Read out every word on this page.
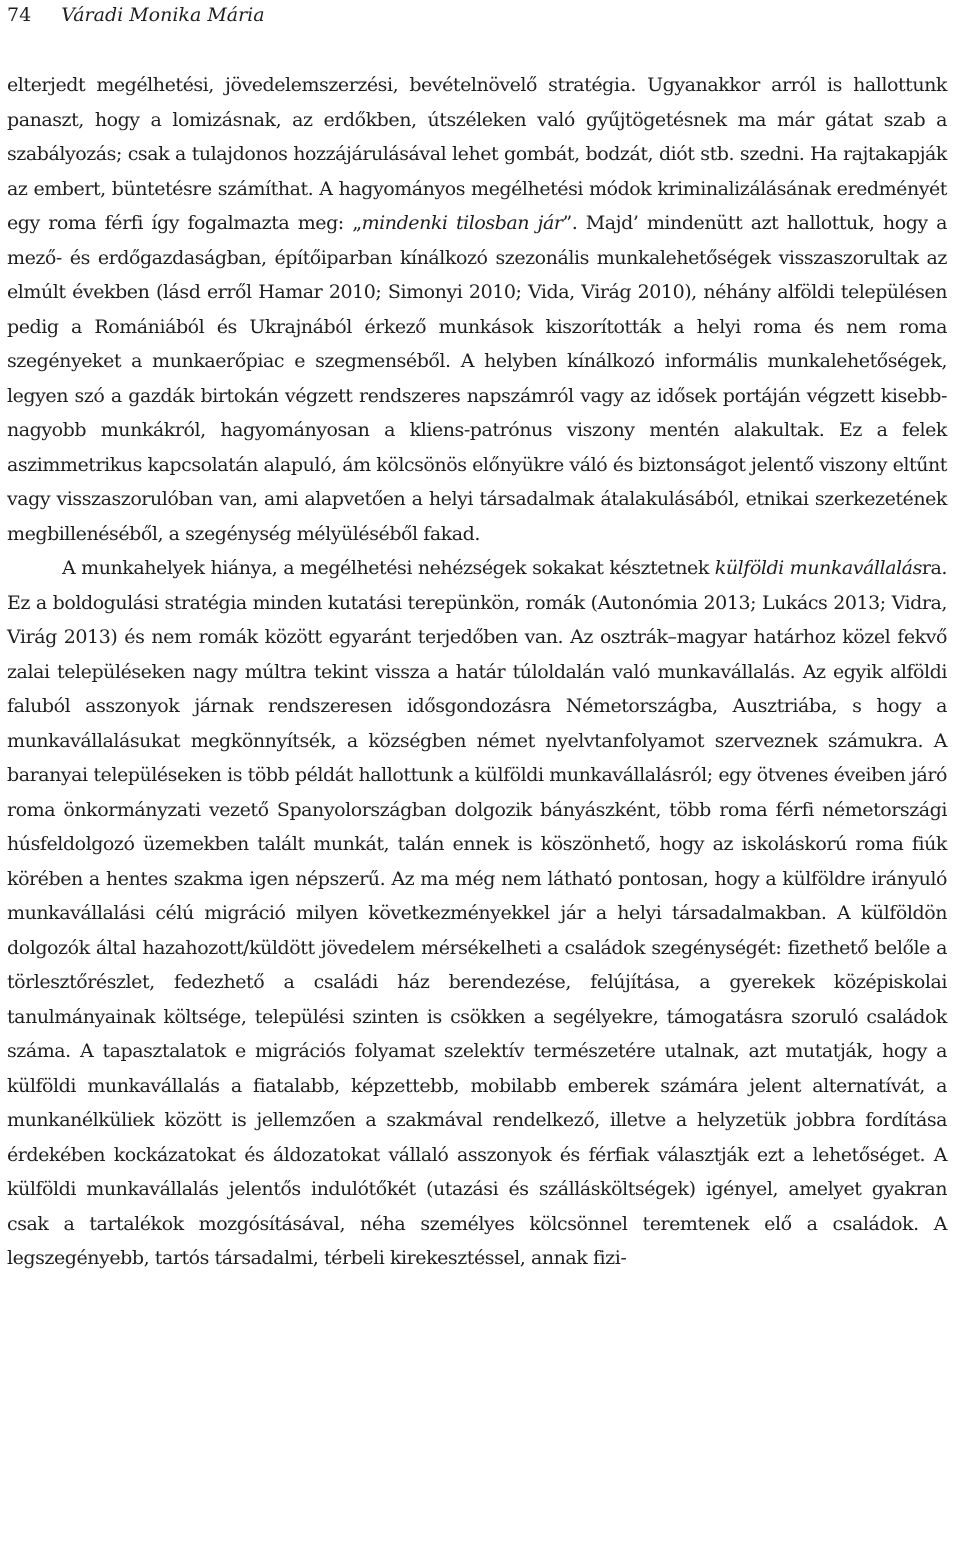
74 Váradi Monika Mária

elterjedt megélhetési, jövedelemszerzési, bevételnövelő stratégia. Ugyanakkor arról is hallottunk panaszt, hogy a lomizásnak, az erdőkben, útszéleken való gyűjtögetésnek ma már gátat szab a szabályozás; csak a tulajdonos hozzájárulásával lehet gombát, bodzát, diót stb. szedni. Ha rajtakapják az embert, büntetésre számíthat. A hagyományos megélhetési módok kriminalizálásának eredményét egy roma férfi így fogalmazta meg: „mindenki tilosban jár”. Majd’ mindenütt azt hallottuk, hogy a mező- és erdőgazdaságban, építőiparban kínálkozó szezonális munkalehetőségek visszaszorultak az elmúlt években (lásd erről Hamar 2010; Simonyi 2010; Vida, Virág 2010), néhány alföldi településen pedig a Romániából és Ukrajnából érkező munkások kiszorították a helyi roma és nem roma szegényeket a munkaerőpiac e szegmenséből. A helyben kínálkozó informális munkalehetőségek, legyen szó a gazdák birtokán végzett rendszeres napszámról vagy az idősek portáján végzett kisebb-nagyobb munkákról, hagyományosan a kliens-patrónus viszony mentén alakultak. Ez a felek aszimmetrikus kapcsolatán alapuló, ám kölcsönös előnyükre váló és biztonságot jelentő viszony eltűnt vagy visszaszorulóban van, ami alapvetően a helyi társadalmak átalakulásából, etnikai szerkezetének megbillenéséből, a szegénység mélyüléséből fakad.

A munkahelyek hiánya, a megélhetési nehézségek sokakat késztetnek külföldi munkavállalásra. Ez a boldogulási stratégia minden kutatási terepünkön, romák (Autonómia 2013; Lukács 2013; Vidra, Virág 2013) és nem romák között egyaránt terjedőben van. Az osztrák–magyar határhoz közel fekvő zalai településeken nagy múltra tekint vissza a határ túloldalán való munkavállalás. Az egyik alföldi faluból asszonyok járnak rendszeresen idősgondozásra Németországba, Ausztriába, s hogy a munkavállalásukat megkönnyítsék, a községben német nyelvtanfolyamot szerveznek számukra. A baranyai településeken is több példát hallottunk a külföldi munkavállalásról; egy ötvenes éveiben járó roma önkormányzati vezető Spanyolországban dolgozik bányászként, több roma férfi németországi húsfeldolgozó üzemekben talált munkát, talán ennek is köszönhető, hogy az iskoláskorú roma fiúk körében a hentes szakma igen népszerű. Az ma még nem látható pontosan, hogy a külföldre irányuló munkavállalási célú migráció milyen következményekkel jár a helyi társadalmakban. A külföldön dolgozók által hazahozott/küldött jövedelem mérsékelheti a családok szegénységét: fizethető belőle a törlesztőrészlet, fedezhető a családi ház berendezése, felújítása, a gyerekek középiskolai tanulmányainak költsége, települési szinten is csökken a segélyekre, támogatásra szoruló családok száma. A tapasztalatok e migrációs folyamat szelektív természetére utalnak, azt mutatják, hogy a külföldi munkavállalás a fiatalabb, képzettebb, mobilabb emberek számára jelent alternatívát, a munkanélküliek között is jellemzően a szakmával rendelkező, illetve a helyzetük jobbra fordítása érdekében kockázatokat és áldozatokat vállaló asszonyok és férfiak választják ezt a lehetőséget. A külföldi munkavállalás jelentős indulótőkét (utazási és szállásköltségek) igényel, amelyet gyakran csak a tartalékok mozgósításával, néha személyes kölcsönnel teremtenek elő a családok. A legszegényebb, tartós társadalmi, térbeli kirekesztéssel, annak fizi-
